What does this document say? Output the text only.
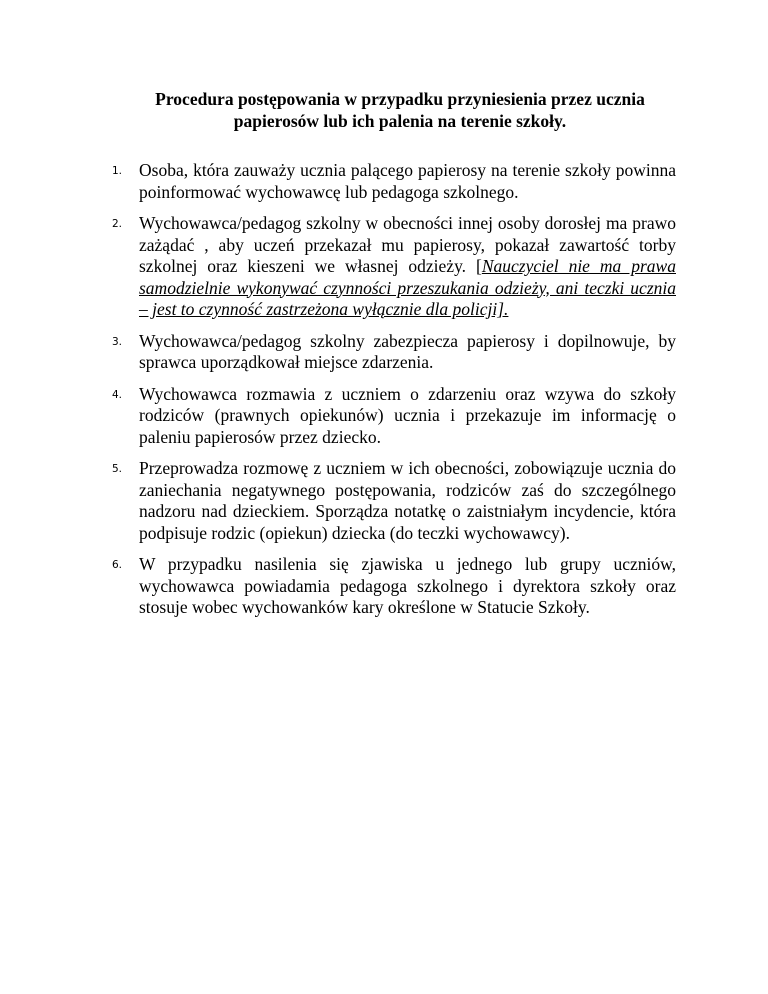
Procedura postępowania w przypadku przyniesienia przez ucznia
papierosów lub ich palenia na terenie szkoły.
1. Osoba, która zauważy ucznia palącego papierosy na terenie szkoły powinna poinformować wychowawcę lub pedagoga szkolnego.
2. Wychowawca/pedagog szkolny w obecności innej osoby dorosłej ma prawo zażądać , aby uczeń przekazał mu papierosy, pokazał zawartość torby szkolnej oraz kieszeni we własnej odzieży. [Nauczyciel nie ma prawa samodzielnie wykonywać czynności przeszukania odzieży, ani teczki ucznia – jest to czynność zastrzeżona wyłącznie dla policji].
3. Wychowawca/pedagog szkolny zabezpiecza papierosy i dopilnowuje, by sprawca uporządkował miejsce zdarzenia.
4. Wychowawca rozmawia z uczniem o zdarzeniu oraz wzywa do szkoły rodziców (prawnych opiekunów) ucznia i przekazuje im informację o paleniu papierosów przez dziecko.
5. Przeprowadza rozmowę z uczniem w ich obecności, zobowiązuje ucznia do zaniechania negatywnego postępowania, rodziców zaś do szczególnego nadzoru nad dzieckiem. Sporządza notatkę o zaistniałym incydencie, która podpisuje rodzic (opiekun) dziecka (do teczki wychowawcy).
6. W przypadku nasilenia się zjawiska u jednego lub grupy uczniów, wychowawca powiadamia pedagoga szkolnego i dyrektora szkoły oraz stosuje wobec wychowanków kary określone w Statucie Szkoły.
